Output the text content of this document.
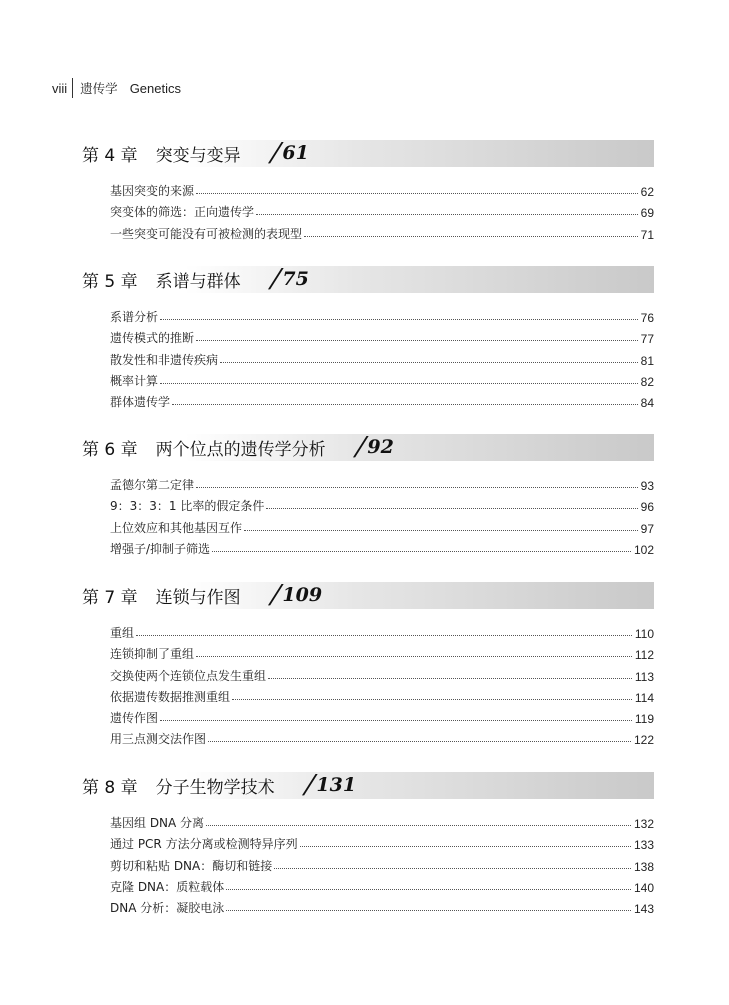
viii 遗传学 Genetics
第 4 章 突变与变异 /61
基因突变的来源	62
突变体的筛选：正向遗传学	69
一些突变可能没有可被检测的表现型	71
第 5 章 系谱与群体 /75
系谱分析	76
遗传模式的推断	77
散发性和非遗传疾病	81
概率计算	82
群体遗传学	84
第 6 章 两个位点的遗传学分析 /92
孟德尔第二定律	93
9：3：3：1 比率的假定条件	96
上位效应和其他基因互作	97
增强子/抑制子筛选	102
第 7 章 连锁与作图 /109
重组	110
连锁抑制了重组	112
交换使两个连锁位点发生重组	113
依据遗传数据推测重组	114
遗传作图	119
用三点测交法作图	122
第 8 章 分子生物学技术 /131
基因组 DNA 分离	132
通过 PCR 方法分离或检测特异序列	133
剪切和粘贴 DNA：酶切和链接	138
克隆 DNA：质粒载体	140
DNA 分析：凝胶电泳	143
